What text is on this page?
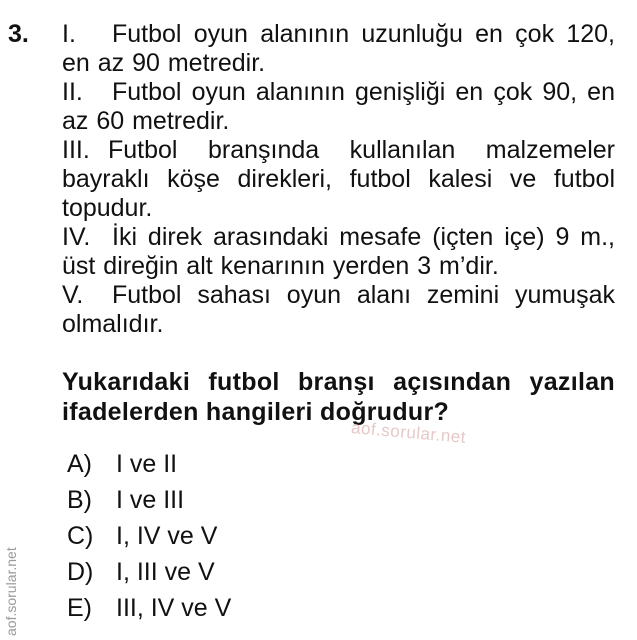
3. I. Futbol oyun alanının uzunluğu en çok 120, en az 90 metredir.
II. Futbol oyun alanının genişliği en çok 90, en az 60 metredir.
III. Futbol branşında kullanılan malzemeler bayraklı köşe direkleri, futbol kalesi ve futbol topudur.
IV. İki direk arasındaki mesafe (içten içe) 9 m., üst direğin alt kenarının yerden 3 m’dir.
V. Futbol sahası oyun alanı zemini yumuşak olmalıdır.
Yukarıdaki futbol branşı açısından yazılan ifadelerden hangileri doğrudur?
aof.sorular.net
A) I ve II
B) I ve III
C) I, IV ve V
D) I, III ve V
E) III, IV ve V
aof.sorular.net
